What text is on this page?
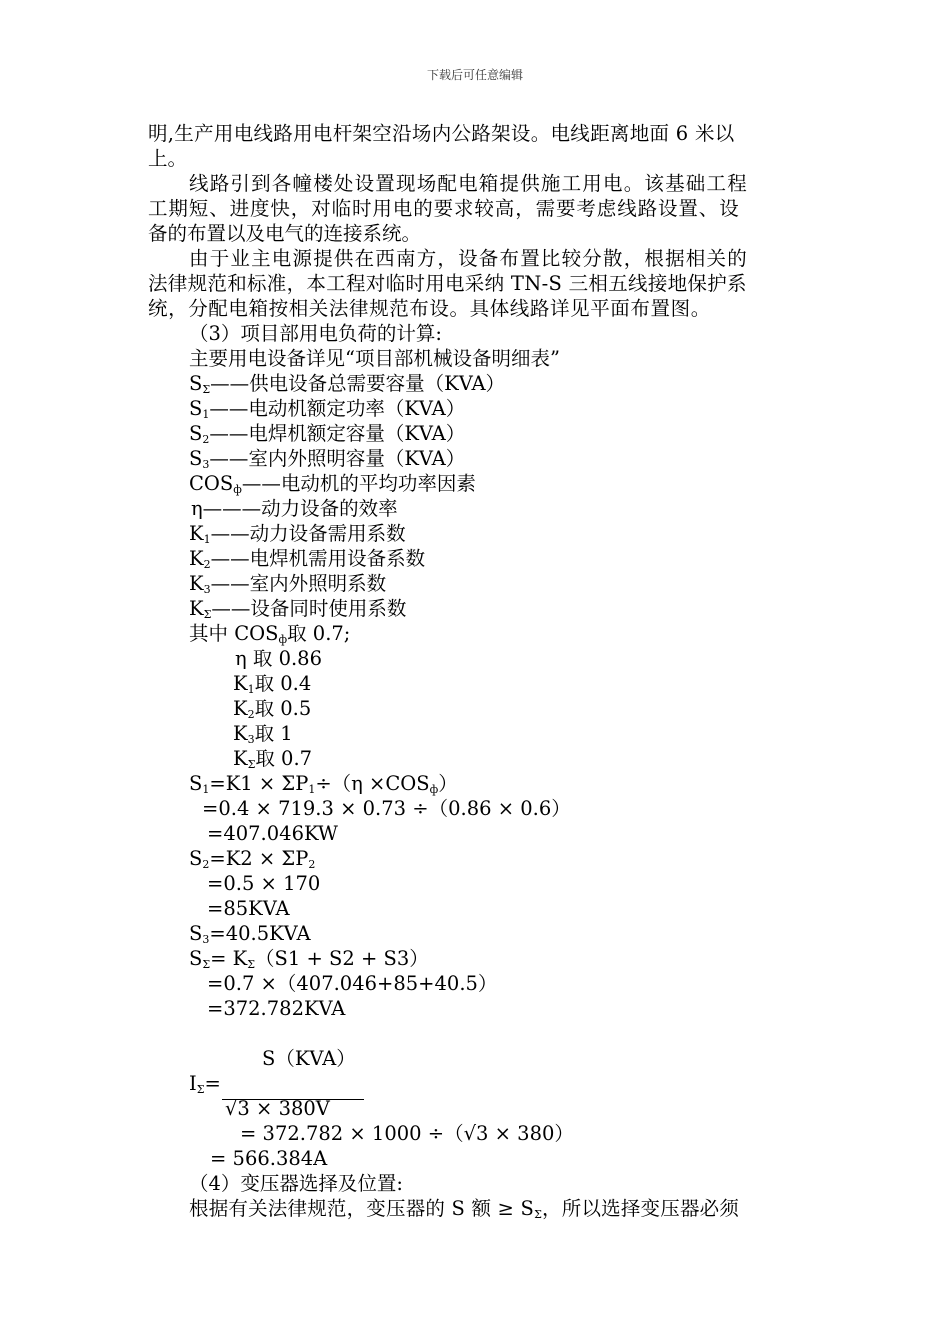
下载后可任意编辑
明,生产用电线路用电杆架空沿场内公路架设。电线距离地面 6 米以
上。
线路引到各幢楼处设置现场配电箱提供施工用电。该基础工程
工期短、进度快，对临时用电的要求较高，需要考虑线路设置、设
备的布置以及电气的连接系统。
由于业主电源提供在西南方，设备布置比较分散，根据相关的
法律规范和标准，本工程对临时用电采纳 TN-S 三相五线接地保护系
统，分配电箱按相关法律规范布设。具体线路详见平面布置图。
（3）项目部用电负荷的计算:
主要用电设备详见“项目部机械设备明细表”
$S_\Sigma——$供电设备总需要容量（KVA）
$S_1——$电动机额定功率（KVA）
$S_2——$电焊机额定容量（KVA）
$S_3——$室内外照明容量（KVA）
$COS_ф——$电动机的平均功率因素
η———动力设备的效率
$K_1——$动力设备需用系数
$K_2——$电焊机需用设备系数
$K_3——$室内外照明系数
$K_\Sigma——$设备同时使用系数
其中 $COS_ф$取 0.7;
η 取 0.86
$K_1$取 0.4
$K_2$取 0.5
$K_3$取 1
$K_\Sigma$取 0.7
$S_1=K1 \times \Sigma P_1\div(\eta \times COS_ф)$
=0.4 × 719.3 × 0.73 ÷（0.86 × 0.6）
=407.046KW
$S_2=K2 \times \Sigma P_2$
=0.5 × 170
=85KVA
$S_3=40.5KVA$
$S_\Sigma= K_\Sigma(S1 + S2 + S3)$
=0.7 ×（407.046+85+40.5）
=372.782KVA
S（KVA）
$I_\Sigma=$
√3 × 380V
= 372.782 × 1000 ÷（√3 × 380）
= 566.384A
（4）变压器选择及位置:
根据有关法律规范，变压器的 S 额 ≥ $S_\Sigma$，所以选择变压器必须
